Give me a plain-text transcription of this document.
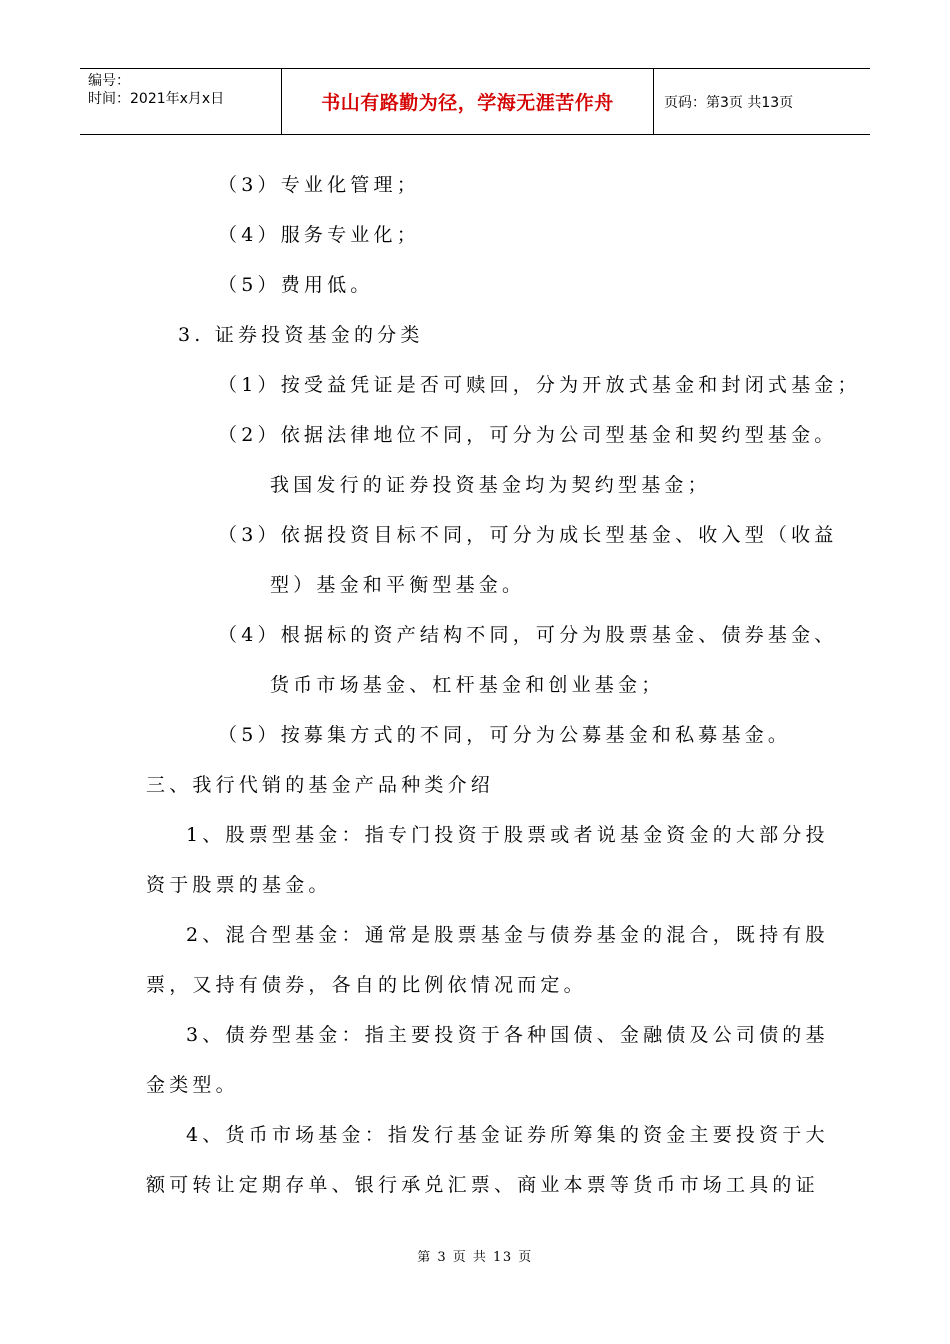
编号：
时间：2021年x月x日	书山有路勤为径，学海无涯苦作舟	页码：第3页 共13页
（3）专业化管理；
（4）服务专业化；
（5）费用低。
3. 证券投资基金的分类
（1）按受益凭证是否可赎回，分为开放式基金和封闭式基金；
（2）依据法律地位不同，可分为公司型基金和契约型基金。
我国发行的证券投资基金均为契约型基金；
（3）依据投资目标不同，可分为成长型基金、收入型（收益
型）基金和平衡型基金。
（4）根据标的资产结构不同，可分为股票基金、债券基金、
货币市场基金、杠杆基金和创业基金；
（5）按募集方式的不同，可分为公募基金和私募基金。
三、我行代销的基金产品种类介绍
1、股票型基金：指专门投资于股票或者说基金资金的大部分投
资于股票的基金。
2、混合型基金：通常是股票基金与债券基金的混合，既持有股
票，又持有债券，各自的比例依情况而定。
3、债券型基金：指主要投资于各种国债、金融债及公司债的基
金类型。
4、货币市场基金：指发行基金证券所筹集的资金主要投资于大
额可转让定期存单、银行承兑汇票、商业本票等货币市场工具的证
第 3 页 共 13 页
